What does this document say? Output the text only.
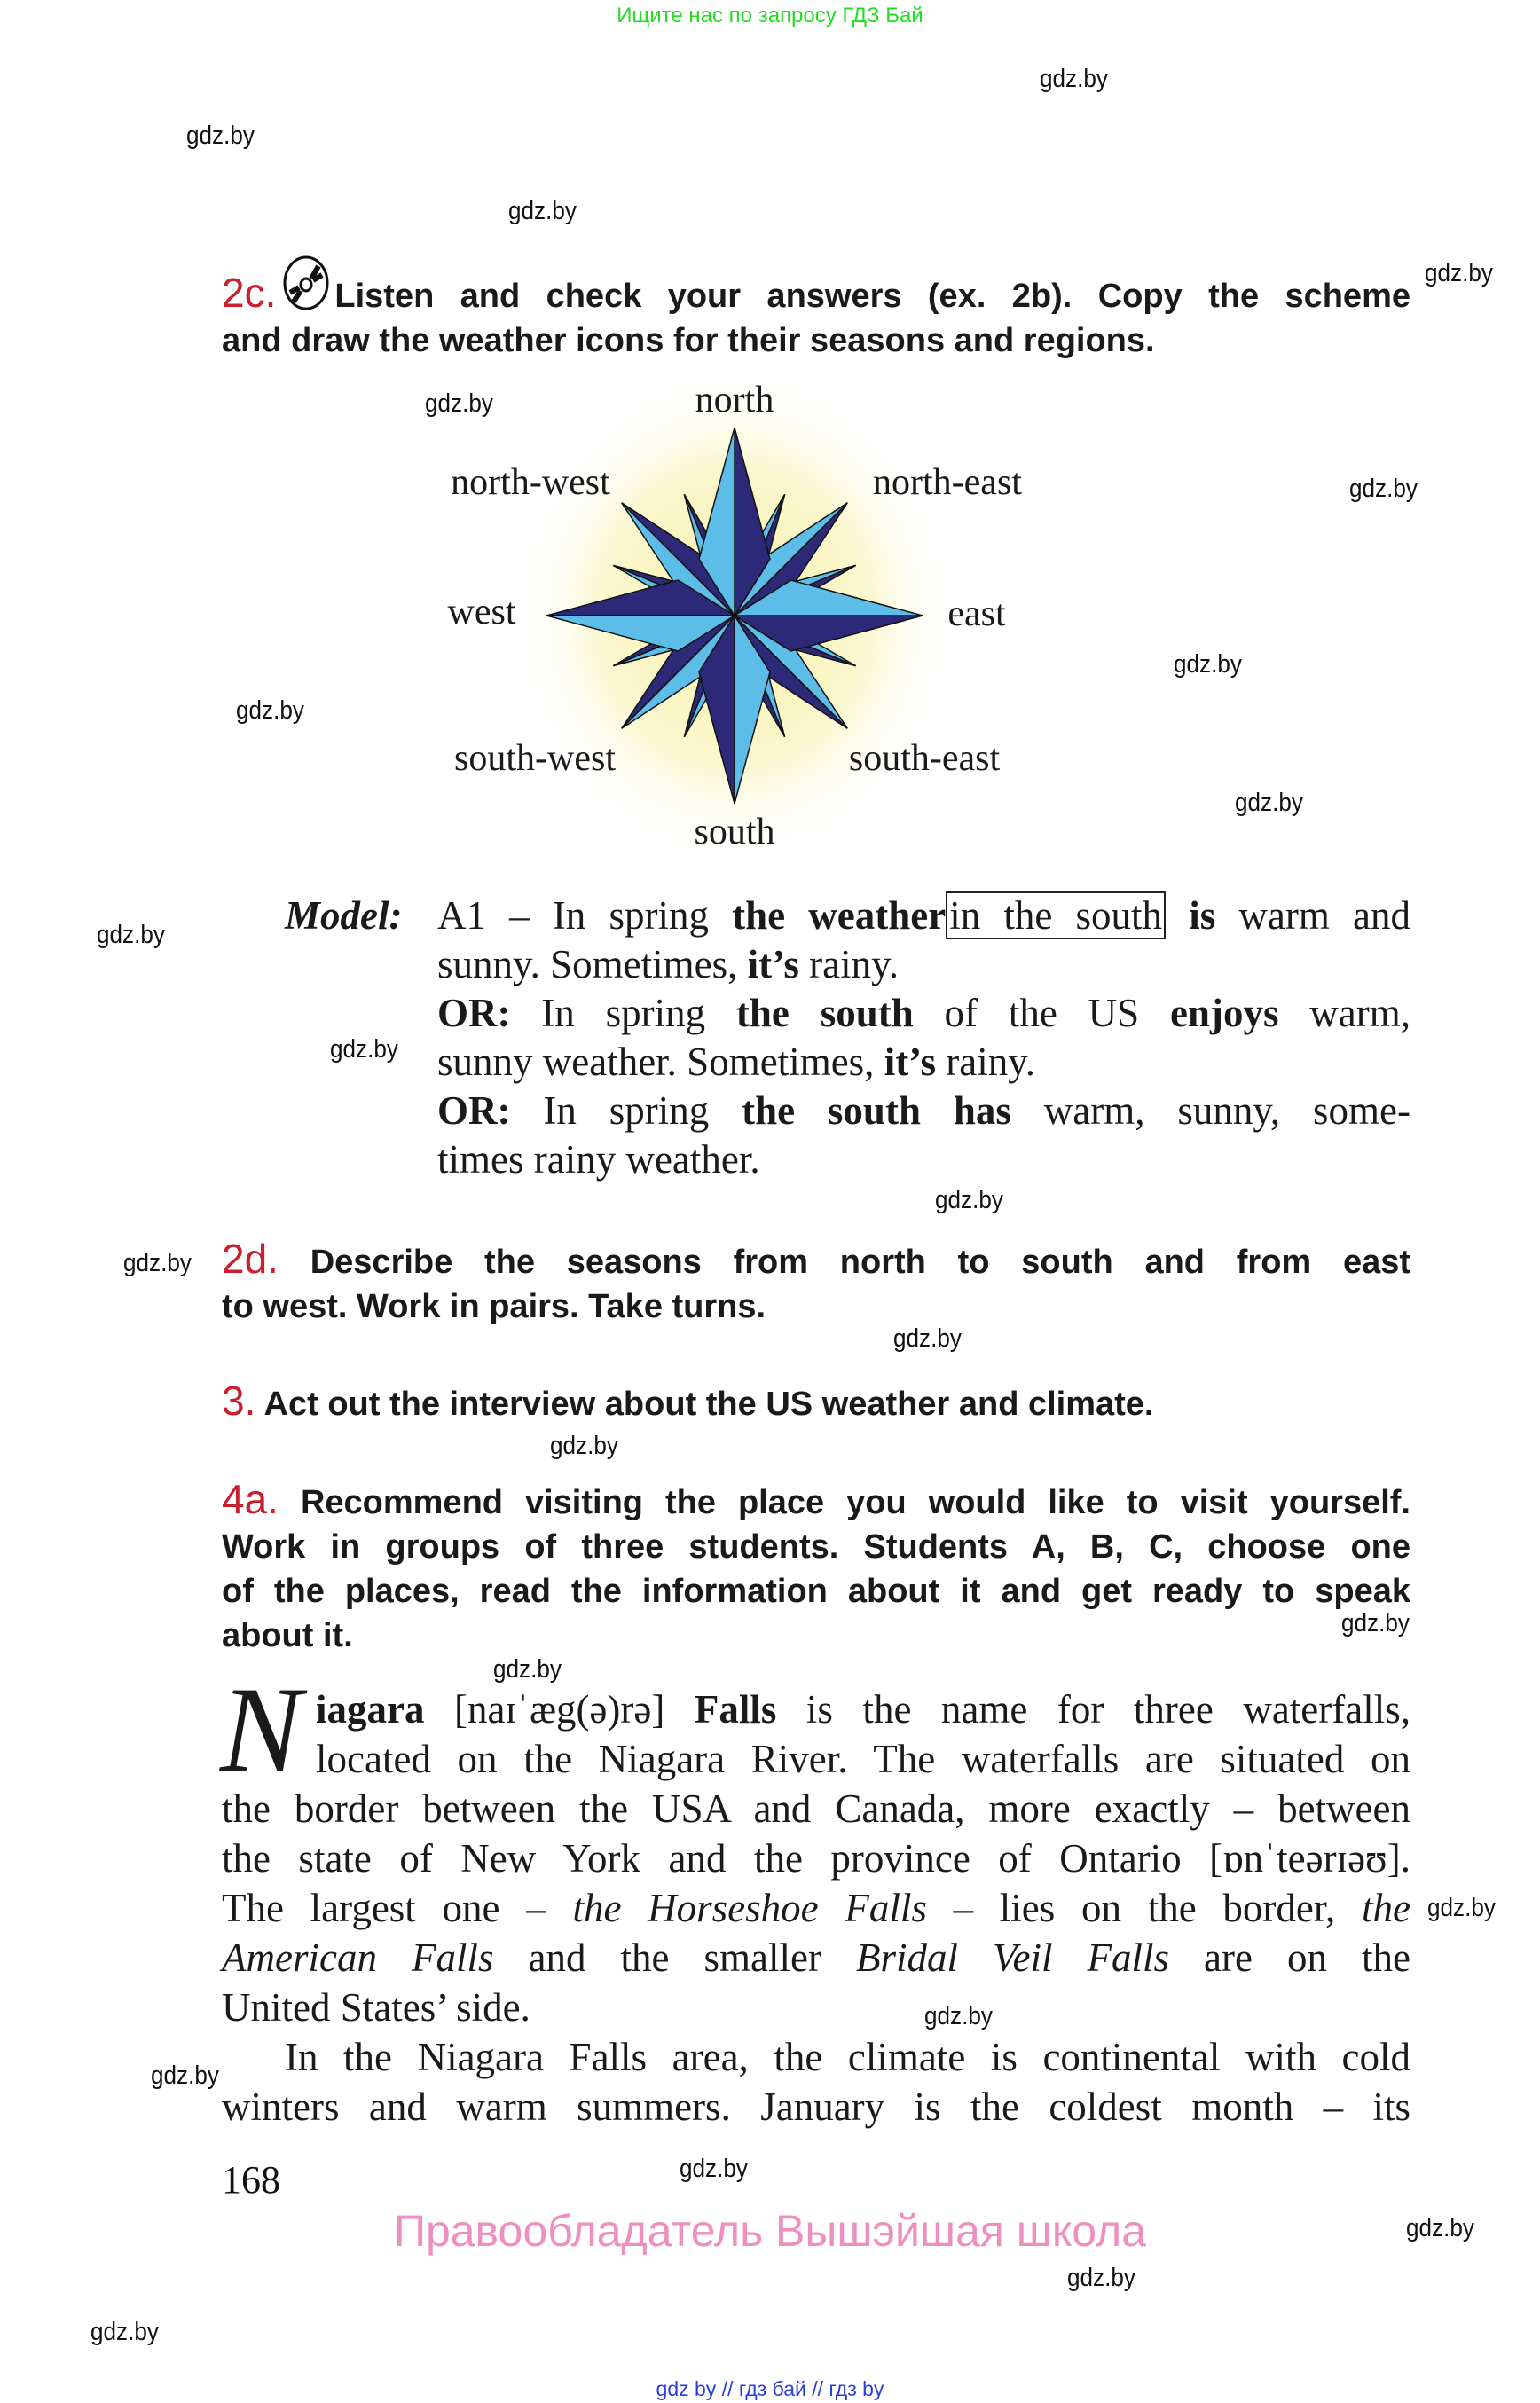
Ищите нас по запросу ГДЗ Бай
gdz.by
gdz.by
gdz.by
gdz.by
gdz.by
gdz.by
gdz.by
gdz.by
gdz.by
gdz.by
gdz.by
gdz.by
gdz.by
gdz.by
gdz.by
gdz.by
gdz.by
gdz.by
gdz.by
gdz.by
gdz.by
gdz.by
gdz.by
gdz.by
2c. Listen and check your answers (ex. 2b). Copy the scheme
and draw the weather icons for their seasons and regions.
north
north-west	north-east
west	east
south-west	south-east
south
Model: A1 – In spring the weatherin the south is warm and
sunny. Sometimes, it’s rainy.
OR: In spring the south of the US enjoys warm,
sunny weather. Sometimes, it’s rainy.
OR: In spring the south has warm, sunny, some-
times rainy weather.
2d. Describe the seasons from north to south and from east
to west. Work in pairs. Take turns.
3. Act out the interview about the US weather and climate.
4a. Recommend visiting the place you would like to visit yourself.
Work in groups of three students. Students A, B, C, choose one
of the places, read the information about it and get ready to speak
about it.
N iagara [naɪˈæg(ə)rə] Falls is the name for three waterfalls,
located on the Niagara River. The waterfalls are situated on
the border between the USA and Canada, more exactly – between
the state of New York and the province of Ontario [ɒnˈteərɪəʊ].
The largest one – the Horseshoe Falls – lies on the border, the
American Falls and the smaller Bridal Veil Falls are on the
United States’ side.
In the Niagara Falls area, the climate is continental with cold
winters and warm summers. January is the coldest month – its
168
Правообладатель Вышэйшая школа
gdz by // гдз бай // гдз by
